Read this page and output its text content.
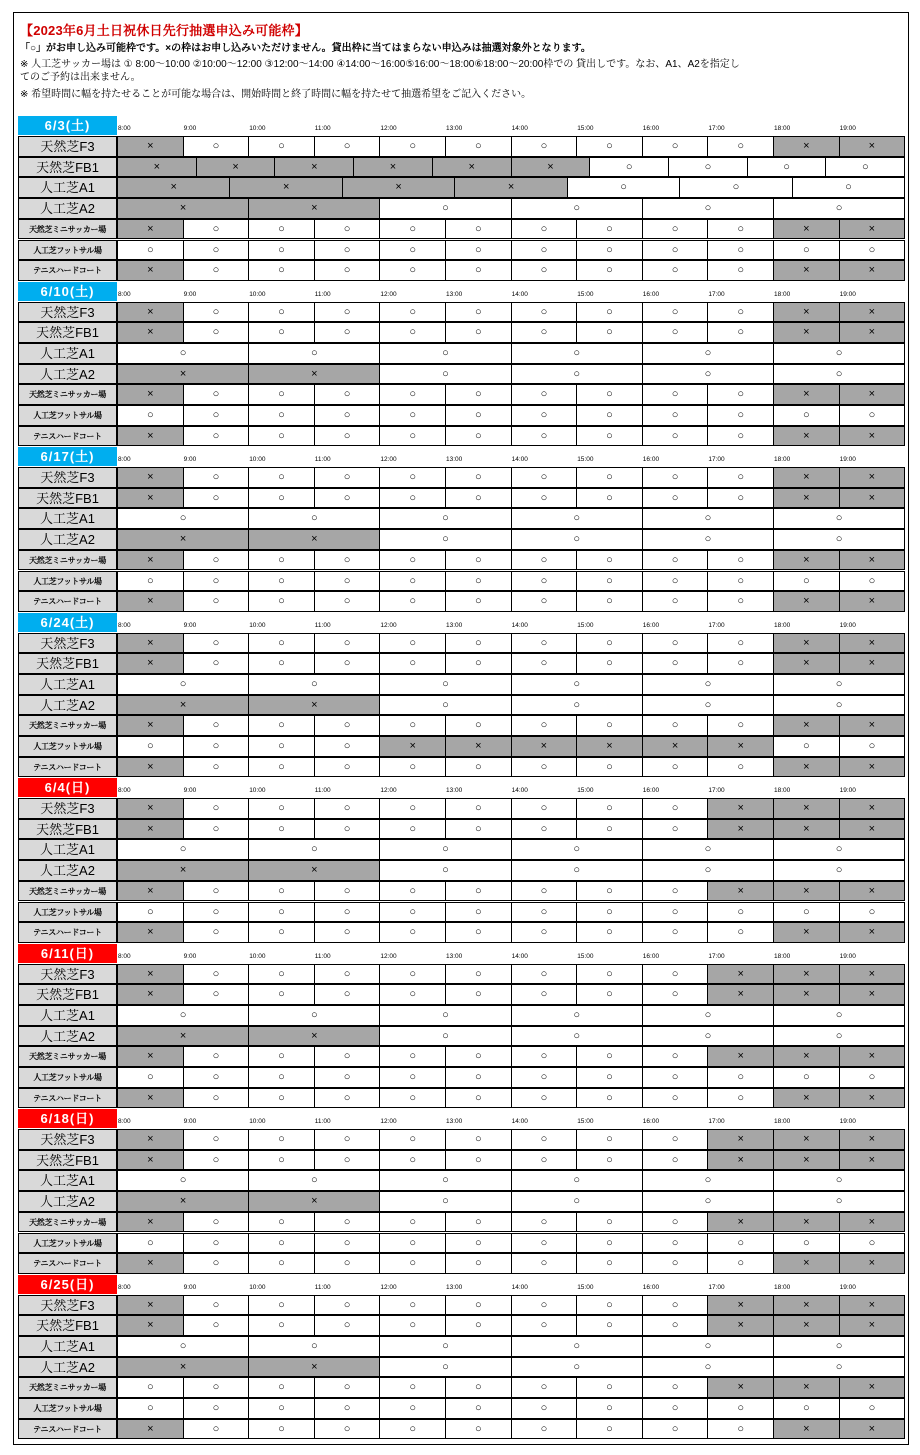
【2023年6月土日祝休日先行抽選申込み可能枠】
「○」がお申し込み可能枠です。×の枠はお申し込みいただけません。貸出枠に当てはまらない申込みは抽選対象外となります。
※ 人工芝サッカー場は ① 8:00～10:00 ②10:00～12:00 ③12:00～14:00 ④14:00～16:00⑤16:00～18:00⑥18:00～20:00枠での 貸出しです。なお、A1、A2を指定し
てのご予約は出来ません。
※ 希望時間に幅を持たせることが可能な場合は、開始時間と終了時間に幅を持たせて抽選希望をご記入ください。
6/3(土)	8:00	9:00	10:00	11:00	12:00	13:00	14:00	15:00	16:00	17:00	18:00	19:00
天然芝F3	×	○	○	○	○	○	○	○	○	○	×	×
天然芝FB1	×	×	×	×	×	×	○	○	○	○
人工芝A1	×	×	×	×	○	○	○
人工芝A2	×	×	○	○	○	○
天然芝ミニサッカー場	×	○	○	○	○	○	○	○	○	○	×	×
人工芝フットサル場	○	○	○	○	○	○	○	○	○	○	○	○
テニスハードコート	×	○	○	○	○	○	○	○	○	○	×	×
6/10(土)	8:00	9:00	10:00	11:00	12:00	13:00	14:00	15:00	16:00	17:00	18:00	19:00
天然芝F3	×	○	○	○	○	○	○	○	○	○	×	×
天然芝FB1	×	○	○	○	○	○	○	○	○	○	×	×
人工芝A1	○	○	○	○	○	○
人工芝A2	×	×	○	○	○	○
天然芝ミニサッカー場	×	○	○	○	○	○	○	○	○	○	×	×
人工芝フットサル場	○	○	○	○	○	○	○	○	○	○	○	○
テニスハードコート	×	○	○	○	○	○	○	○	○	○	×	×
6/17(土)	8:00	9:00	10:00	11:00	12:00	13:00	14:00	15:00	16:00	17:00	18:00	19:00
天然芝F3	×	○	○	○	○	○	○	○	○	○	×	×
天然芝FB1	×	○	○	○	○	○	○	○	○	○	×	×
人工芝A1	○	○	○	○	○	○
人工芝A2	×	×	○	○	○	○
天然芝ミニサッカー場	×	○	○	○	○	○	○	○	○	○	×	×
人工芝フットサル場	○	○	○	○	○	○	○	○	○	○	○	○
テニスハードコート	×	○	○	○	○	○	○	○	○	○	×	×
6/24(土)	8:00	9:00	10:00	11:00	12:00	13:00	14:00	15:00	16:00	17:00	18:00	19:00
天然芝F3	×	○	○	○	○	○	○	○	○	○	×	×
天然芝FB1	×	○	○	○	○	○	○	○	○	○	×	×
人工芝A1	○	○	○	○	○	○
人工芝A2	×	×	○	○	○	○
天然芝ミニサッカー場	×	○	○	○	○	○	○	○	○	○	×	×
人工芝フットサル場	○	○	○	○	×	×	×	×	×	×	○	○
テニスハードコート	×	○	○	○	○	○	○	○	○	○	×	×
6/4(日)	8:00	9:00	10:00	11:00	12:00	13:00	14:00	15:00	16:00	17:00	18:00	19:00
天然芝F3	×	○	○	○	○	○	○	○	○	×	×	×
天然芝FB1	×	○	○	○	○	○	○	○	○	×	×	×
人工芝A1	○	○	○	○	○	○
人工芝A2	×	×	○	○	○	○
天然芝ミニサッカー場	×	○	○	○	○	○	○	○	○	×	×	×
人工芝フットサル場	○	○	○	○	○	○	○	○	○	○	○	○
テニスハードコート	×	○	○	○	○	○	○	○	○	○	×	×
6/11(日)	8:00	9:00	10:00	11:00	12:00	13:00	14:00	15:00	16:00	17:00	18:00	19:00
天然芝F3	×	○	○	○	○	○	○	○	○	×	×	×
天然芝FB1	×	○	○	○	○	○	○	○	○	×	×	×
人工芝A1	○	○	○	○	○	○
人工芝A2	×	×	○	○	○	○
天然芝ミニサッカー場	×	○	○	○	○	○	○	○	○	×	×	×
人工芝フットサル場	○	○	○	○	○	○	○	○	○	○	○	○
テニスハードコート	×	○	○	○	○	○	○	○	○	○	×	×
6/18(日)	8:00	9:00	10:00	11:00	12:00	13:00	14:00	15:00	16:00	17:00	18:00	19:00
天然芝F3	×	○	○	○	○	○	○	○	○	×	×	×
天然芝FB1	×	○	○	○	○	○	○	○	○	×	×	×
人工芝A1	○	○	○	○	○	○
人工芝A2	×	×	○	○	○	○
天然芝ミニサッカー場	×	○	○	○	○	○	○	○	○	×	×	×
人工芝フットサル場	○	○	○	○	○	○	○	○	○	○	○	○
テニスハードコート	×	○	○	○	○	○	○	○	○	○	×	×
6/25(日)	8:00	9:00	10:00	11:00	12:00	13:00	14:00	15:00	16:00	17:00	18:00	19:00
天然芝F3	×	○	○	○	○	○	○	○	○	×	×	×
天然芝FB1	×	○	○	○	○	○	○	○	○	×	×	×
人工芝A1	○	○	○	○	○	○
人工芝A2	×	×	○	○	○	○
天然芝ミニサッカー場	○	○	○	○	○	○	○	○	○	×	×	×
人工芝フットサル場	○	○	○	○	○	○	○	○	○	○	○	○
テニスハードコート	×	○	○	○	○	○	○	○	○	○	×	×
